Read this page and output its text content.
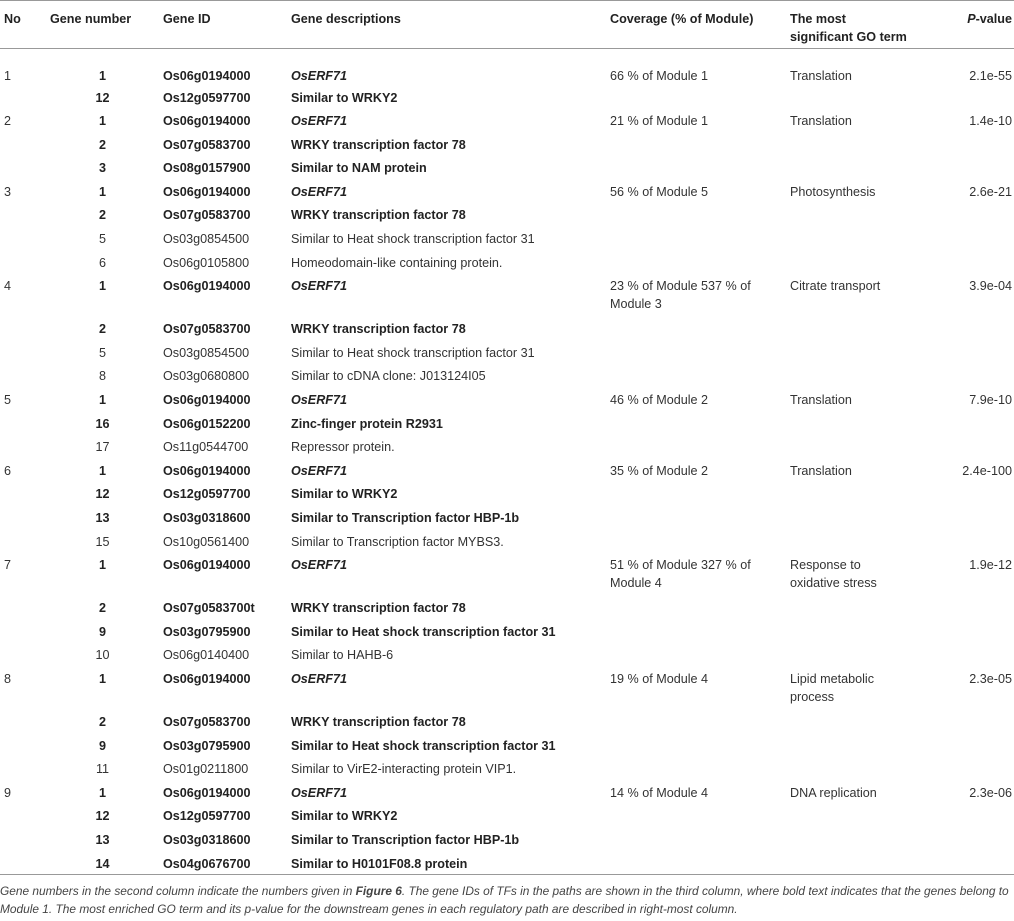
No	Gene number	Gene ID	Gene descriptions	Coverage (% of Module)	The most significant GO term	P-value
1	1	Os06g0194000	OsERF71	66 % of Module 1	Translation	2.1e-55
	12	Os12g0597700	Similar to WRKY2			
2	1	Os06g0194000	OsERF71	21 % of Module 1	Translation	1.4e-10
	2	Os07g0583700	WRKY transcription factor 78			
	3	Os08g0157900	Similar to NAM protein			
3	1	Os06g0194000	OsERF71	56 % of Module 5	Photosynthesis	2.6e-21
	2	Os07g0583700	WRKY transcription factor 78			
	5	Os03g0854500	Similar to Heat shock transcription factor 31			
	6	Os06g0105800	Homeodomain-like containing protein.			
4	1	Os06g0194000	OsERF71	23 % of Module 537 % of Module 3	Citrate transport	3.9e-04
	2	Os07g0583700	WRKY transcription factor 78			
	5	Os03g0854500	Similar to Heat shock transcription factor 31			
	8	Os03g0680800	Similar to cDNA clone: J013124I05			
5	1	Os06g0194000	OsERF71	46 % of Module 2	Translation	7.9e-10
	16	Os06g0152200	Zinc-finger protein R2931			
	17	Os11g0544700	Repressor protein.			
6	1	Os06g0194000	OsERF71	35 % of Module 2	Translation	2.4e-100
	12	Os12g0597700	Similar to WRKY2			
	13	Os03g0318600	Similar to Transcription factor HBP-1b			
	15	Os10g0561400	Similar to Transcription factor MYBS3.			
7	1	Os06g0194000	OsERF71	51 % of Module 327 % of Module 4	Response to oxidative stress	1.9e-12
	2	Os07g0583700t	WRKY transcription factor 78			
	9	Os03g0795900	Similar to Heat shock transcription factor 31			
	10	Os06g0140400	Similar to HAHB-6			
8	1	Os06g0194000	OsERF71	19 % of Module 4	Lipid metabolic process	2.3e-05
	2	Os07g0583700	WRKY transcription factor 78			
	9	Os03g0795900	Similar to Heat shock transcription factor 31			
	11	Os01g0211800	Similar to VirE2-interacting protein VIP1.			
9	1	Os06g0194000	OsERF71	14 % of Module 4	DNA replication	2.3e-06
	12	Os12g0597700	Similar to WRKY2			
	13	Os03g0318600	Similar to Transcription factor HBP-1b			
	14	Os04g0676700	Similar to H0101F08.8 protein			
Gene numbers in the second column indicate the numbers given in Figure 6. The gene IDs of TFs in the paths are shown in the third column, where bold text indicates that the genes belong to Module 1. The most enriched GO term and its p-value for the downstream genes in each regulatory path are described in right-most column.
